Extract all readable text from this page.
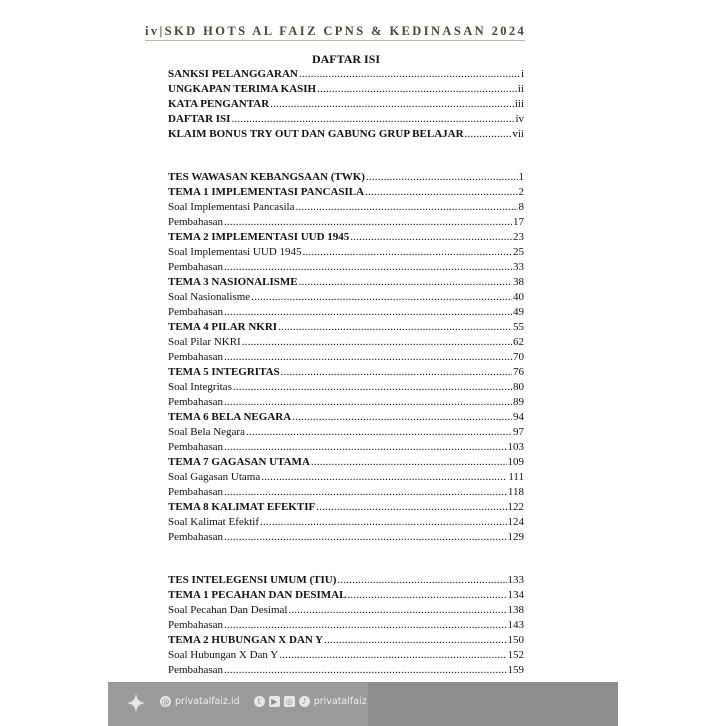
iv|SKD HOTS AL FAIZ CPNS & KEDINASAN 2024
DAFTAR ISI
SANKSI PELANGGARAN .....	i
UNGKAPAN TERIMA KASIH .....	ii
KATA PENGANTAR .....	iii
DAFTAR ISI .....	iv
KLAIM BONUS TRY OUT DAN GABUNG GRUP BELAJAR .....	vii
TES WAWASAN KEBANGSAAN (TWK) .....	1
TEMA 1 IMPLEMENTASI PANCASILA .....	2
Soal Implementasi Pancasila .....	8
Pembahasan .....	17
TEMA 2 IMPLEMENTASI UUD 1945 .....	23
Soal Implementasi UUD 1945 .....	25
Pembahasan .....	33
TEMA 3 NASIONALISME .....	38
Soal Nasionalisme .....	40
Pembahasan .....	49
TEMA 4 PILAR NKRI .....	55
Soal Pilar NKRI .....	62
Pembahasan .....	70
TEMA 5 INTEGRITAS .....	76
Soal Integritas .....	80
Pembahasan .....	89
TEMA 6 BELA NEGARA .....	94
Soal Bela Negara .....	97
Pembahasan .....	103
TEMA 7 GAGASAN UTAMA .....	109
Soal Gagasan Utama .....	111
Pembahasan .....	118
TEMA 8 KALIMAT EFEKTIF .....	122
Soal Kalimat Efektif .....	124
Pembahasan .....	129
TES INTELEGENSI UMUM (TIU) .....	133
TEMA 1 PECAHAN DAN DESIMAL .....	134
Soal Pecahan Dan Desimal .....	138
Pembahasan .....	143
TEMA 2 HUBUNGAN X DAN Y .....	150
Soal Hubungan X Dan Y .....	152
Pembahasan .....	159
✦	@ privatalfaiz.id	t	▶	◎	♪ privatalfaiz
